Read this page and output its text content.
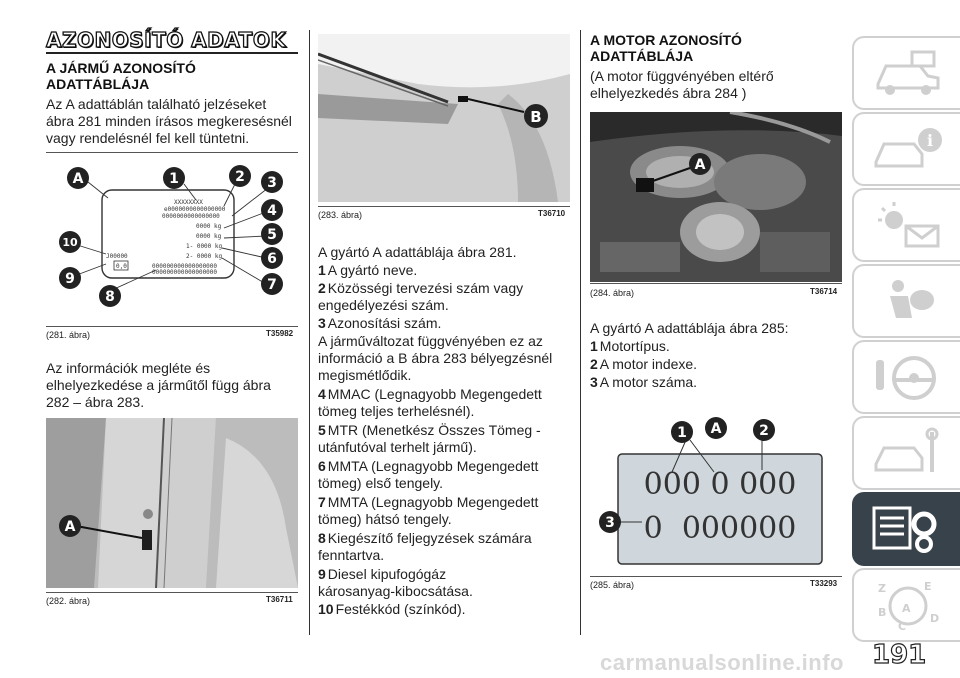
AZONOSÍTÓ ADATOK
A JÁRMŰ AZONOSÍTÓ ADATTÁBLÁJA
Az A adattáblán található jelzéseket ábra 281 minden írásos megkeresésnél vagy rendelésnél fel kell tüntetni.
XXXXXXXX
e0000000000000000
0000000000000000
0000 kg
0000 kg
1- 0000 kg
2- 0000 kg
000000000000000000
000000000000000000
J00000
0,0
A	1	2 3
4
5
6
7
8
9
10
(281. ábra)	T35982
Az információk megléte és elhelyezkedése a járműtől függ ábra 282 – ábra 283.
A
(282. ábra)	T36711
B
(283. ábra)	T36710
A gyártó A adattáblája ábra 281.
1 A gyártó neve.
2 Közösségi tervezési szám vagy engedélyezési szám.
3 Azonosítási szám.
A járműváltozat függvényében ez az információ a B ábra 283 bélyegzésnél megismétlődik.
4 MMAC (Legnagyobb Megengedett tömeg teljes terhelésnél).
5 MTR (Menetkész Összes Tömeg - utánfutóval terhelt jármű).
6 MMTA (Legnagyobb Megengedett tömeg) első tengely.
7 MMTA (Legnagyobb Megengedett tömeg) hátsó tengely.
8 Kiegészítő feljegyzések számára fenntartva.
9 Diesel kipufogógáz károsanyag-kibocsátása.
10 Festékkód (színkód).
A MOTOR AZONOSÍTÓ ADATTÁBLÁJA
(A motor függvényében eltérő elhelyezkedés ábra 284 )
A
(284. ábra)	T36714
A gyártó A adattáblája ábra 285:
1 Motortípus.
2 A motor indexe.
3 A motor száma.
000 0 000
0  000000
1 A	2
3
(285. ábra)	T33293
i
Z	E
B A
D
C
191
carmanualsonline.info
